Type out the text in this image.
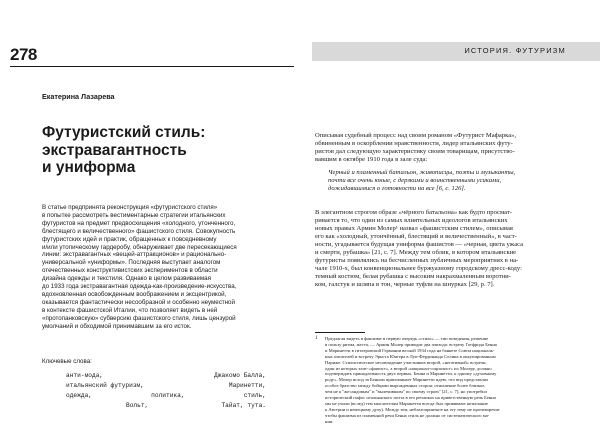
278	ИСТОРИЯ. ФУТУРИЗМ
Екатерина Лазарева
Футуристский стиль:
экстравагантность
и униформа

В статье предпринята реконструкция «футуристского стиля»
в попытке рассмотреть вестиментарные стратегии итальянских
футуристов на предмет предвосхищения «холодного, утонченного,
блестящего и величественного» фашистского стиля. Совокупность
футуристских идей и практик, обращенных к повседневному
и/или утопическому гардеробу, обнаруживает две пересекающиеся
линии: экстравагантных «вещей-аттракционов» и рационально-
универсальной «униформы». Последняя выступает аналогом
отечественных конструктивистских экспериментов в области
дизайна одежды и текстиля. Однако в целом развиваемая
до 1933 года экстравагантная одежда-как-произведение-искусства,
вдохновленная освобожденным воображением и эксцентрикой,
оказывается фантастически несообразной и особенно неуместной
в контексте фашистской Италии, что позволяет видеть в ней
«протопанковскую» субверсию фашистского стиля, лишь цензурой
умолчаний и обходимой принимавшим за его исток.

Ключевые слова:
анти-мода,	Джакомо Балла,
итальянский футуризм,	Маринетти,
одежда,	политика,	стиль,
Вольт,	Тайат, тута.

Описывая судебный процесс над своим романом «Футурист Мафарка»,
обвиненным в оскорблении нравственности, лидер итальянских футу-
ристов дал следующую характеристику своим товарищам, присутство-
вавшим в октябре 1910 года в зале суда:

Черный и пламенный батальон, живописцы, поэты и музыканты,
почти все очень юные, с дерзкими и воинственными усиками,
дожидавшимися о готовности на все [6, с. 126].

В элегантном строгом образе «чёрного батальона» как будто просмат-
ривается то, что один из самых влиятельных идеологов итальянских
новых правых Армин Молер¹ назвал «фашистским стилем», описывая
его как «холодный, утончённый, блестящий и величественный», в част-
ности, угадывается будущая униформа фашистов — «черная, цвета ужаса
и смерти, рубашка» [21, с. 7]. Между тем облик, в котором итальянские
футуристы появлялись на бесчисленных публичных мероприятиях в на-
чале 1910-х, был конвенциональнее буржуазному городскому дресс-коду:
темный костюм, белая рубашка с высоким накрахмаленным воротни-
ком, галстук и шляпа в тон, черные туфли на шнурках [29, p. 7].

1 Предлагая видеть в фашизме в первую очередь «стиль» — тип поведения, решение
в пользу ритма, жеста, — Армин Молер приводит два эпизода: встречу Готфрида Бенна
и Маринетти в гитлеровской Германии весной 1934 года на банкете Союза националь-
ных писателей и встречу Эрнста Юнгера в Луи-Фердинанда Селина в оккупированном
Париже. Стилистическое несовпадение участников второй, «негативной» встречи,
один из которых элит-«фашист», а второй «национал-социалист» по Молеру, должно
подтверждать принадлежность двух первых, Бенна и Маринетти, к одному «духовному
роду». Молер исход за Бенном припоминает Маринетти идею, что вид представлял
особое братство между бойцами вырожденных сторон: отношение более близкое,
чем не к "жесандовым" и "вылечившим" по своему строю" [21, с. 7], но употребил
исторический пафос итальянского поэта в его репликах на приветственную речь Бенна
мы не учили (вслед) тем мыслителям Маринетти всегда был прививают нежелание
к Австрии и немецкому духу). Между тем, неблагоприятное на эту тему не противоречит
чтобы фашизма из пламенной речи Бенна стиль не должно от систематического ма-
нии.
